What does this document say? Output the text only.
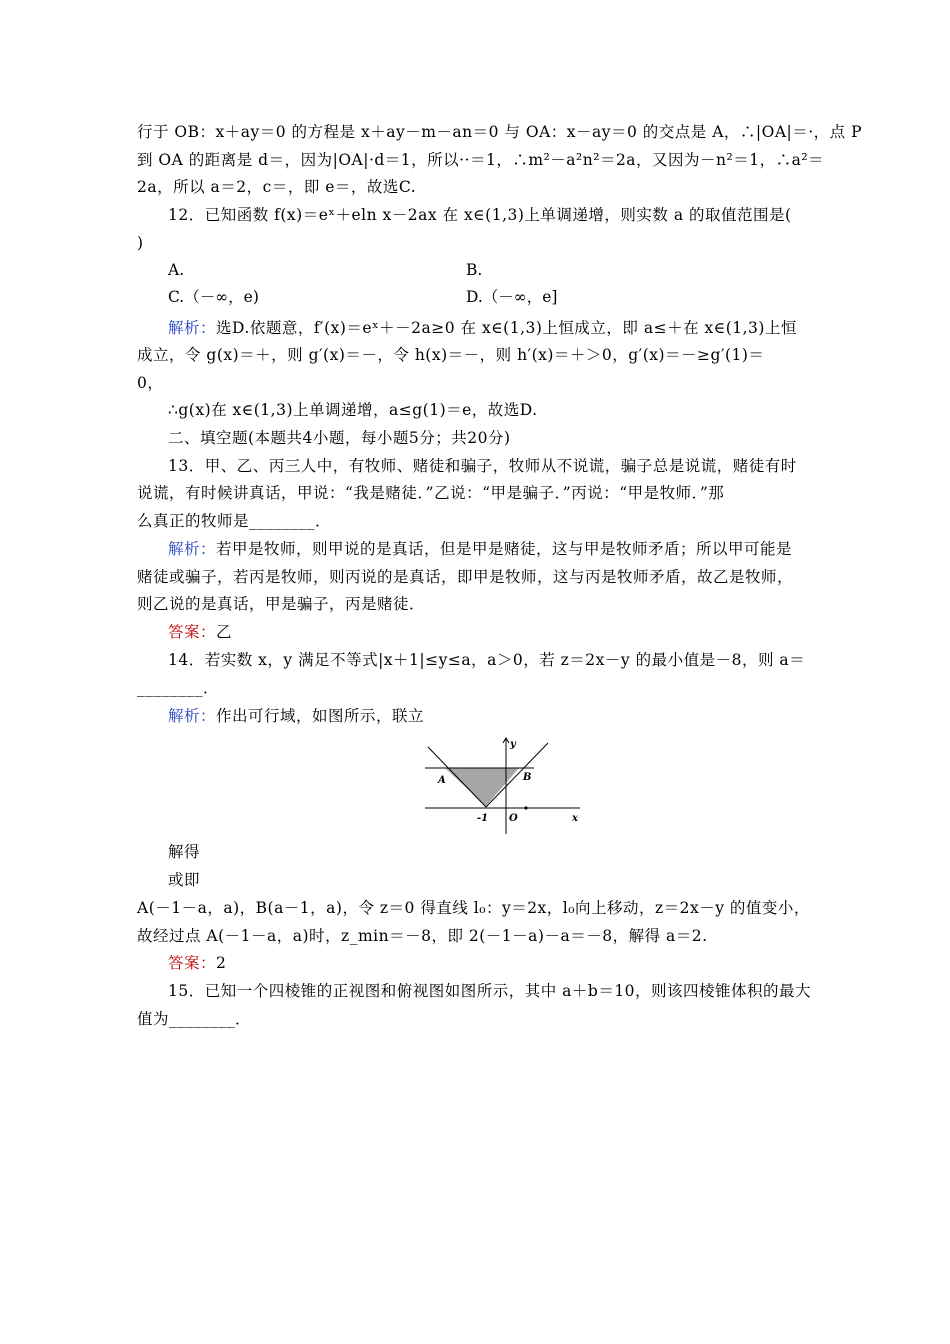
行于 OB：x＋ay＝0 的方程是 x＋ay－m－an＝0 与 OA：x－ay＝0 的交点是 A，∴|OA|＝·，点 P
到 OA 的距离是 d＝，因为|OA|·d＝1，所以··＝1，∴m²－a²n²＝2a，又因为－n²＝1，∴a²＝
2a，所以 a＝2，c＝，即 e＝，故选C.
12．已知函数 f(x)＝eˣ＋eln x－2ax 在 x∈(1,3)上单调递增，则实数 a 的取值范围是(
)
A.	B.
C.（－∞，e)	D.（－∞，e]
解析：选D.依题意，f′(x)＝eˣ＋－2a≥0 在 x∈(1,3)上恒成立，即 a≤＋在 x∈(1,3)上恒
成立，令 g(x)＝＋，则 g′(x)＝－，令 h(x)＝－，则 h′(x)＝＋＞0，g′(x)＝－≥g′(1)＝
0，
∴g(x)在 x∈(1,3)上单调递增，a≤g(1)＝e，故选D.
二、填空题(本题共4小题，每小题5分；共20分)
13．甲、乙、丙三人中，有牧师、赌徒和骗子，牧师从不说谎，骗子总是说谎，赌徒有时
说谎，有时候讲真话，甲说：“我是赌徒．”乙说：“甲是骗子．”丙说：“甲是牧师．”那
么真正的牧师是________．
解析：若甲是牧师，则甲说的是真话，但是甲是赌徒，这与甲是牧师矛盾；所以甲可能是
赌徒或骗子，若丙是牧师，则丙说的是真话，即甲是牧师，这与丙是牧师矛盾，故乙是牧师，
则乙说的是真话，甲是骗子，丙是赌徒．
答案：乙
14．若实数 x，y 满足不等式|x＋1|≤y≤a，a＞0，若 z＝2x－y 的最小值是－8，则 a＝
________．
解析：作出可行域，如图所示，联立
y
x
A	B
-1 O
解得
或即
A(－1－a，a)，B(a－1，a)，令 z＝0 得直线 l₀：y＝2x，l₀向上移动，z＝2x－y 的值变小，
故经过点 A(－1－a，a)时，z_min＝－8，即 2(－1－a)－a＝－8，解得 a＝2.
答案：2
15．已知一个四棱锥的正视图和俯视图如图所示，其中 a＋b＝10，则该四棱锥体积的最大
值为________．
